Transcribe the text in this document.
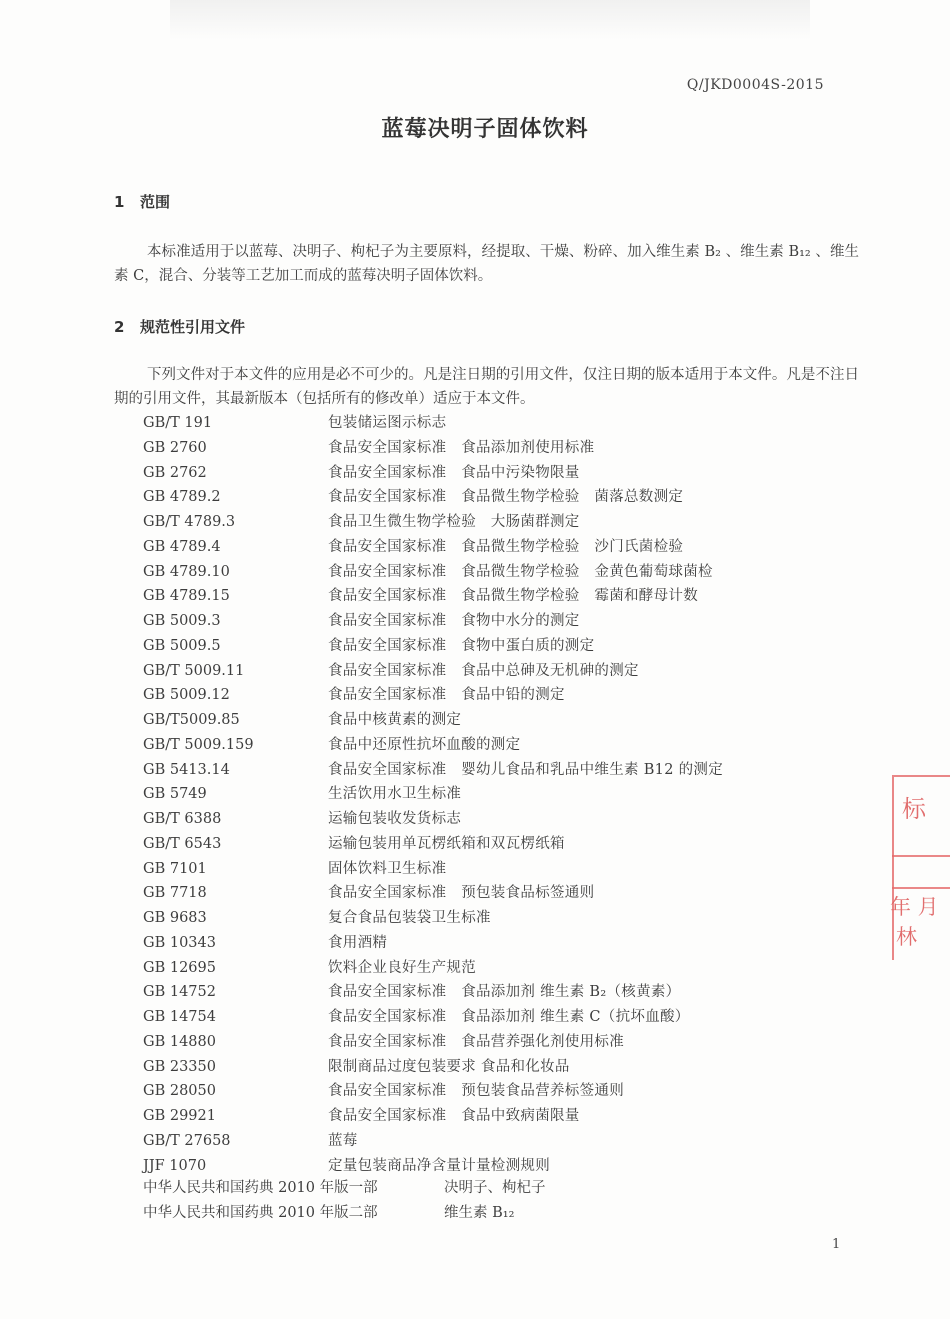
Q/JKD0004S-2015
蓝莓决明子固体饮料
1 范围
本标准适用于以蓝莓、决明子、枸杞子为主要原料，经提取、干燥、粉碎、加入维生素 B₂ 、维生素 B₁₂ 、维生素 C，混合、分装等工艺加工而成的蓝莓决明子固体饮料。
2 规范性引用文件
下列文件对于本文件的应用是必不可少的。凡是注日期的引用文件，仅注日期的版本适用于本文件。凡是不注日期的引用文件，其最新版本（包括所有的修改单）适应于本文件。
GB/T 191	包装储运图示标志
GB 2760	食品安全国家标准　食品添加剂使用标准
GB 2762	食品安全国家标准　食品中污染物限量
GB 4789.2	食品安全国家标准　食品微生物学检验　菌落总数测定
GB/T 4789.3	食品卫生微生物学检验　大肠菌群测定
GB 4789.4	食品安全国家标准　食品微生物学检验　沙门氏菌检验
GB 4789.10	食品安全国家标准　食品微生物学检验　金黄色葡萄球菌检
GB 4789.15	食品安全国家标准　食品微生物学检验　霉菌和酵母计数
GB 5009.3	食品安全国家标准　食物中水分的测定
GB 5009.5	食品安全国家标准　食物中蛋白质的测定
GB/T 5009.11	食品安全国家标准　食品中总砷及无机砷的测定
GB 5009.12	食品安全国家标准　食品中铅的测定
GB/T5009.85	食品中核黄素的测定
GB/T 5009.159	食品中还原性抗坏血酸的测定
GB 5413.14	食品安全国家标准　婴幼儿食品和乳品中维生素 B12 的测定
GB 5749	生活饮用水卫生标准
GB/T 6388	运输包装收发货标志
GB/T 6543	运输包装用单瓦楞纸箱和双瓦楞纸箱
GB 7101	固体饮料卫生标准
GB 7718	食品安全国家标准　预包装食品标签通则
GB 9683	复合食品包装袋卫生标准
GB 10343	食用酒精
GB 12695	饮料企业良好生产规范
GB 14752	食品安全国家标准　食品添加剂 维生素 B₂（核黄素）
GB 14754	食品安全国家标准　食品添加剂 维生素 C（抗坏血酸）
GB 14880	食品安全国家标准　食品营养强化剂使用标准
GB 23350	限制商品过度包装要求 食品和化妆品
GB 28050	食品安全国家标准　预包装食品营养标签通则
GB 29921	食品安全国家标准　食品中致病菌限量
GB/T 27658	蓝莓
JJF 1070	定量包装商品净含量计量检测规则
中华人民共和国药典 2010 年版一部	决明子、枸杞子
中华人民共和国药典 2010 年版二部	维生素 B₁₂
标
年 月
林
1
